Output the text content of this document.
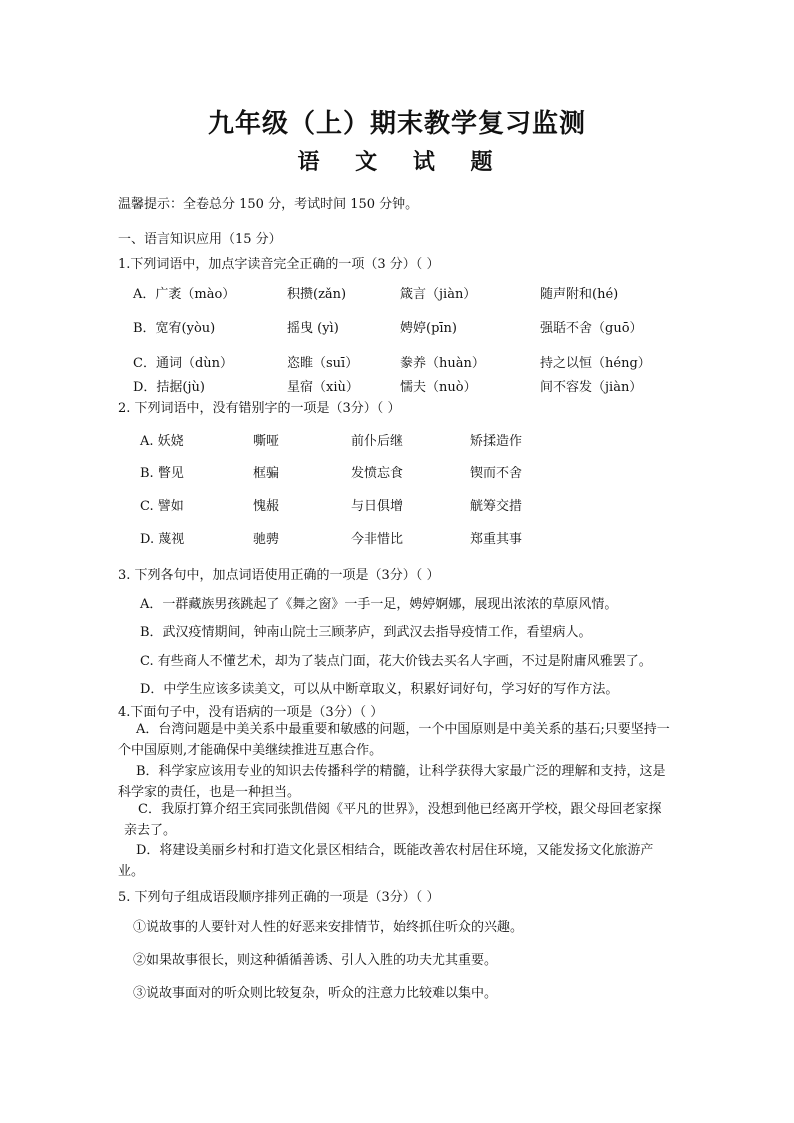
九年级（上）期末教学复习监测
语 文 试 题
温馨提示：全卷总分 150 分，考试时间 150 分钟。
一、语言知识应用（15 分）
1.下列词语中，加点字读音完全正确的一项（3 分）（ ）
A．广袤（mào）	积攒(zǎn)	箴言（jiàn）	随声附和(hé)
B．宽宥(yòu)	摇曳 (yì)	娉婷(pīn)	强聒不舍（guō）
C．通词（dùn）	恣睢（suī）	豢养（huàn）	持之以恒（héng）
D．拮据(jù)	星宿（xiù）	懦夫（nuò）	间不容发（jiàn）
2. 下列词语中，没有错别字的一项是（3分）（ ）
A. 妖娆	嘶哑	前仆后继	矫揉造作
B. 瞥见	框骗	发愤忘食	锲而不舍
C. 譬如	愧赧	与日俱增	觥筹交措
D. 蔑视	驰骋	今非惜比	郑重其事
3. 下列各句中，加点词语使用正确的一项是（3分）（ ）
A．一群藏族男孩跳起了《舞之窗》一手一足，娉婷婀娜，展现出浓浓的草原风情。
B．武汉疫情期间，钟南山院士三顾茅庐，到武汉去指导疫情工作，看望病人。
C. 有些商人不懂艺术，却为了装点门面，花大价钱去买名人字画，不过是附庸风雅罢了。
D．中学生应该多读美文，可以从中断章取义，积累好词好句，学习好的写作方法。
4.下面句子中，没有语病的一项是（3分）（ ）
A．台湾问题是中美关系中最重要和敏感的问题，一个中国原则是中美关系的基石;只要坚持一个中国原则,才能确保中美继续推进互惠合作。
B．科学家应该用专业的知识去传播科学的精髓，让科学获得大家最广泛的理解和支持，这是科学家的责任，也是一种担当。
C．我原打算介绍王宾同张凯借阅《平凡的世界》，没想到他已经离开学校，跟父母回老家探亲去了。
D．将建设美丽乡村和打造文化景区相结合，既能改善农村居住环境，又能发扬文化旅游产业。
5. 下列句子组成语段顺序排列正确的一项是（3分）（ ）
①说故事的人要针对人性的好恶来安排情节，始终抓住听众的兴趣。
②如果故事很长，则这种循循善诱、引人入胜的功夫尤其重要。
③说故事面对的听众则比较复杂，听众的注意力比较难以集中。
